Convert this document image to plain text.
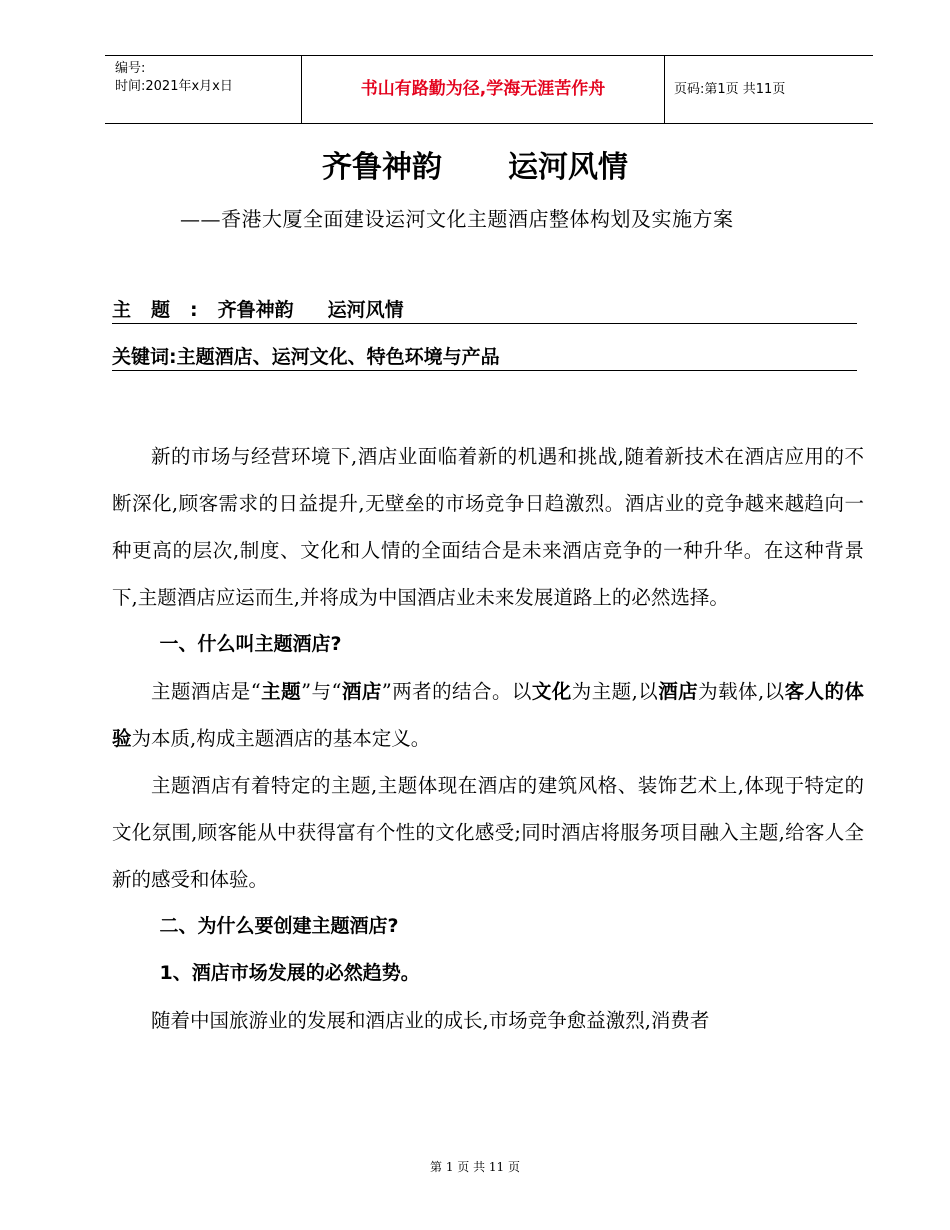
编号:
时间:2021年x月x日	书山有路勤为径,学海无涯苦作舟	页码:第1页 共11页
齐鲁神韵 运河风情
——香港大厦全面建设运河文化主题酒店整体构划及实施方案
主题:齐鲁神韵 运河风情
关键词:主题酒店、运河文化、特色环境与产品

新的市场与经营环境下,酒店业面临着新的机遇和挑战,随着新技术在酒店应用的不断深化,顾客需求的日益提升,无壁垒的市场竞争日趋激烈。酒店业的竞争越来越趋向一种更高的层次,制度、文化和人情的全面结合是未来酒店竞争的一种升华。在这种背景下,主题酒店应运而生,并将成为中国酒店业未来发展道路上的必然选择。

一、什么叫主题酒店?

主题酒店是“主题”与“酒店”两者的结合。以文化为主题,以酒店为载体,以客人的体验为本质,构成主题酒店的基本定义。

主题酒店有着特定的主题,主题体现在酒店的建筑风格、装饰艺术上,体现于特定的文化氛围,顾客能从中获得富有个性的文化感受;同时酒店将服务项目融入主题,给客人全新的感受和体验。

二、为什么要创建主题酒店?
1、酒店市场发展的必然趋势。

随着中国旅游业的发展和酒店业的成长,市场竞争愈益激烈,消费者

第 1 页 共 11 页
